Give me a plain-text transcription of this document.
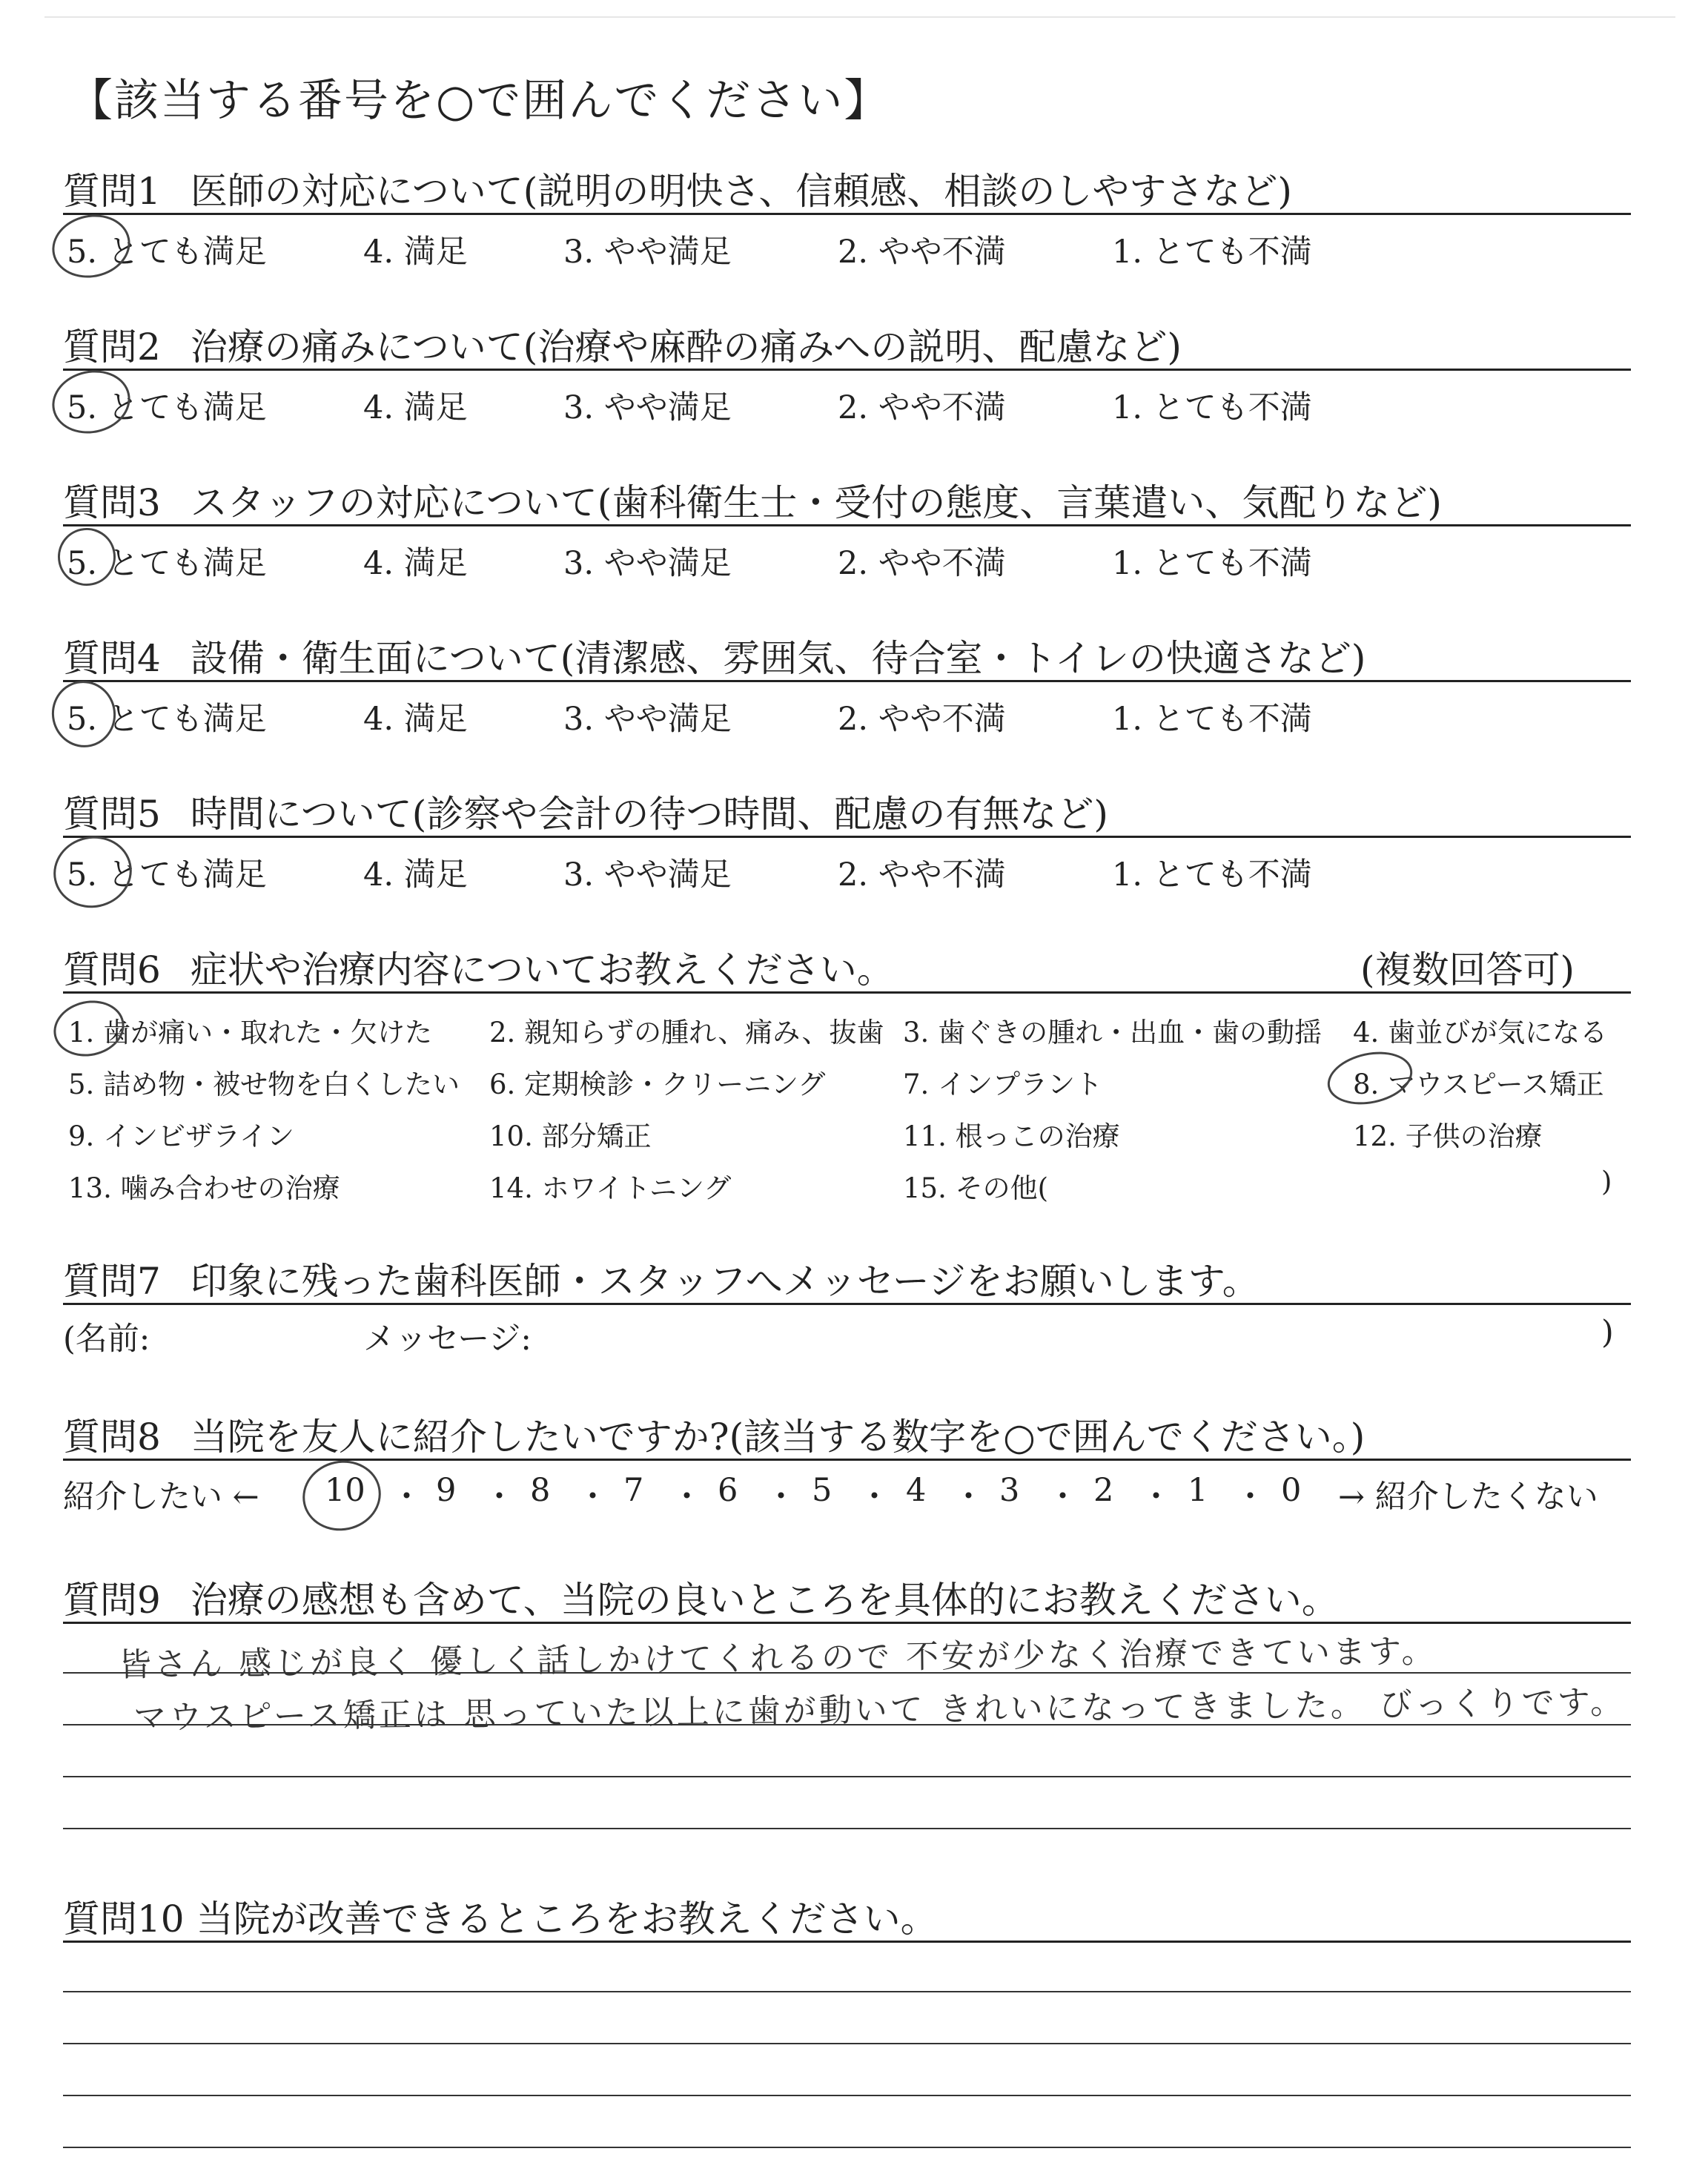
【該当する番号を○で囲んでください】
質問1 医師の対応について(説明の明快さ、信頼感、相談のしやすさなど)
5. とても満足	4. 満足	3. やや満足	2. やや不満	1. とても不満
質問2 治療の痛みについて(治療や麻酔の痛みへの説明、配慮など)
5. とても満足	4. 満足	3. やや満足	2. やや不満	1. とても不満
質問3 スタッフの対応について(歯科衛生士・受付の態度、言葉遣い、気配りなど)
5. とても満足	4. 満足	3. やや満足	2. やや不満	1. とても不満
質問4 設備・衛生面について(清潔感、雰囲気、待合室・トイレの快適さなど)
5. とても満足	4. 満足	3. やや満足	2. やや不満	1. とても不満
質問5 時間について(診察や会計の待つ時間、配慮の有無など)
5. とても満足	4. 満足	3. やや満足	2. やや不満	1. とても不満
質問6 症状や治療内容についてお教えください。	(複数回答可)
1. 歯が痛い・取れた・欠けた 2. 親知らずの腫れ、痛み、抜歯 3. 歯ぐきの腫れ・出血・歯の動揺 4. 歯並びが気になる
5. 詰め物・被せ物を白くしたい 6. 定期検診・クリーニング	7. インプラント	8. マウスピース矯正
9. インビザライン	10. 部分矯正	11. 根っこの治療	12. 子供の治療
13. 噛み合わせの治療	14. ホワイトニング	15. その他(	)
質問7 印象に残った歯科医師・スタッフへメッセージをお願いします。
(名前:	メッセージ:	)
質問8 当院を友人に紹介したいですか?(該当する数字を○で囲んでください。)
紹介したい ←	→ 紹介したくない
10 ・ 9 ・ 8 ・ 7 ・ 6 ・ 5 ・ 4 ・ 3 ・ 2 ・ 1 ・ 0
質問9 治療の感想も含めて、当院の良いところを具体的にお教えください。
皆さん 感じが良く 優しく話しかけてくれるので 不安が少なく治療できています。
マウスピース矯正は 思っていた以上に歯が動いて きれいになってきました。 びっくりです。
質問10 当院が改善できるところをお教えください。
